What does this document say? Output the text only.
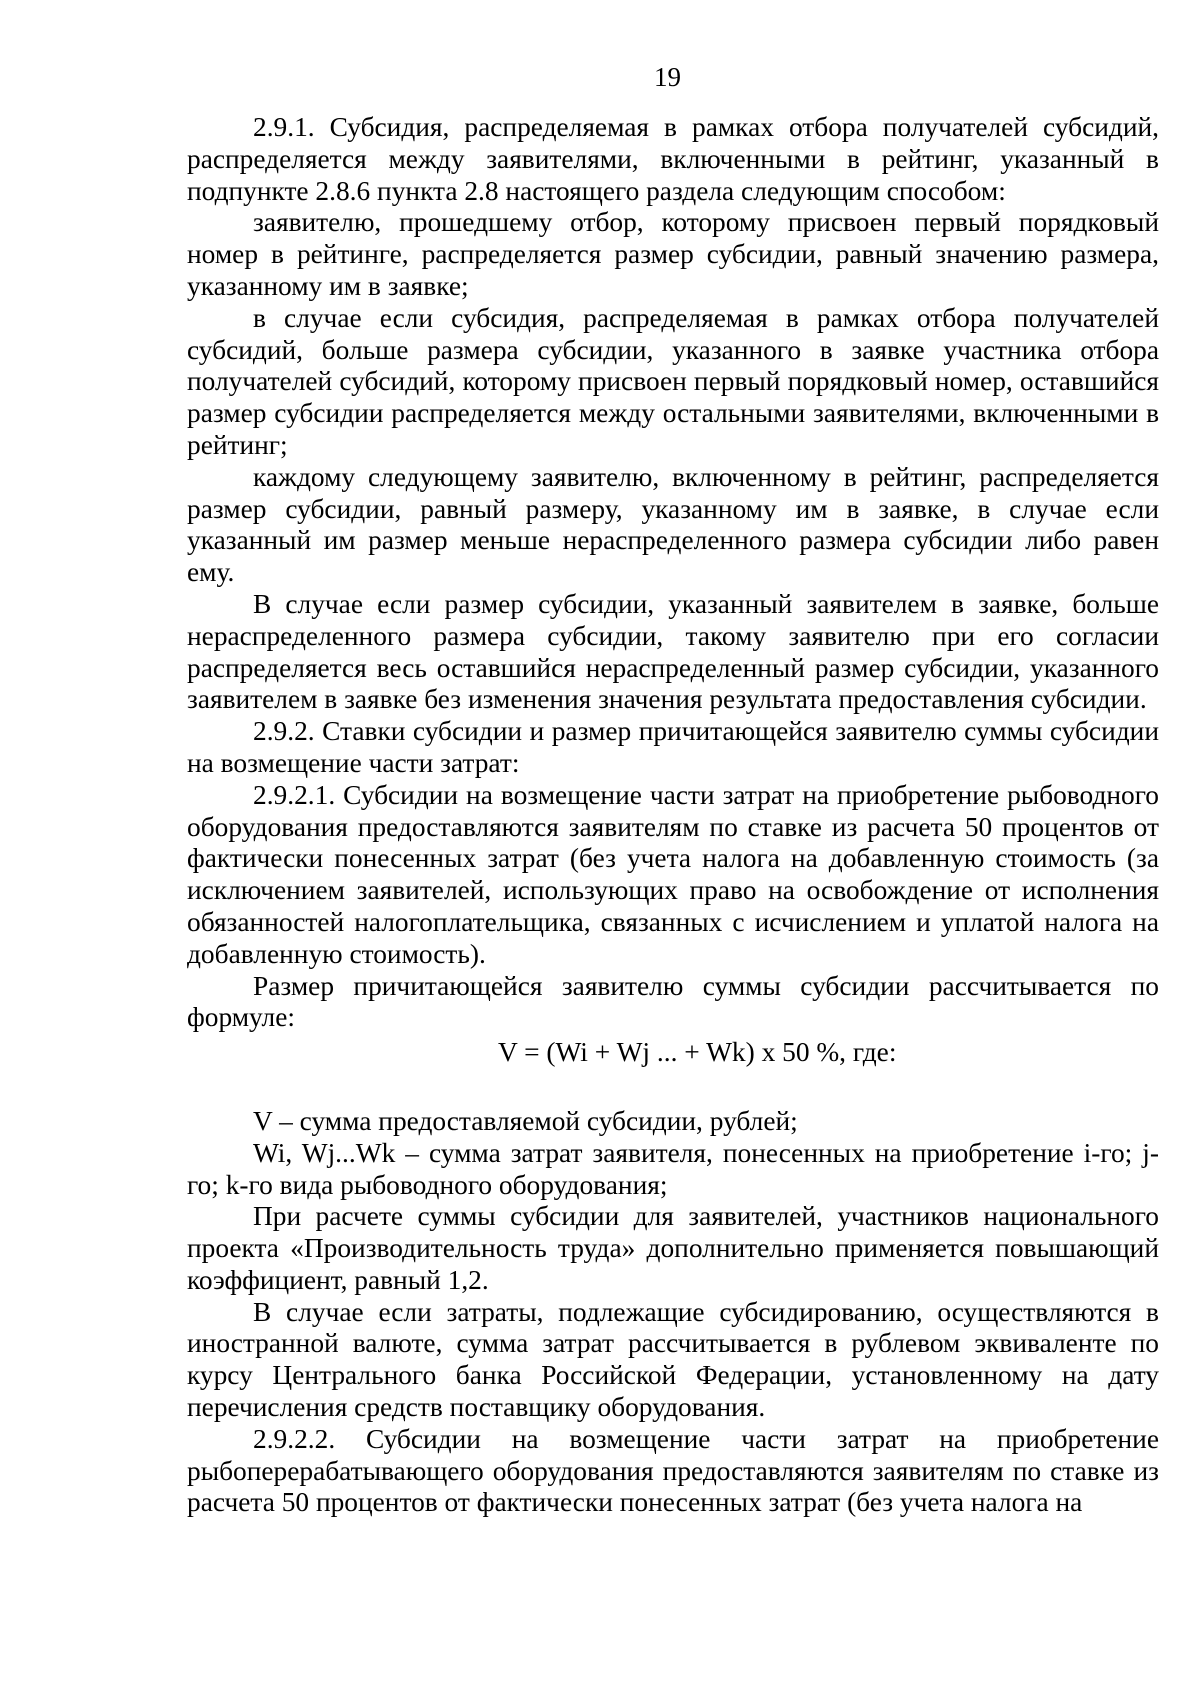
19

2.9.1. Субсидия, распределяемая в рамках отбора получателей субсидий, распределяется между заявителями, включенными в рейтинг, указанный в подпункте 2.8.6 пункта 2.8 настоящего раздела следующим способом:

заявителю, прошедшему отбор, которому присвоен первый порядковый номер в рейтинге, распределяется размер субсидии, равный значению размера, указанному им в заявке;

в случае если субсидия, распределяемая в рамках отбора получателей субсидий, больше размера субсидии, указанного в заявке участника отбора получателей субсидий, которому присвоен первый порядковый номер, оставшийся размер субсидии распределяется между остальными заявителями, включенными в рейтинг;

каждому следующему заявителю, включенному в рейтинг, распределяется размер субсидии, равный размеру, указанному им в заявке, в случае если указанный им размер меньше нераспределенного размера субсидии либо равен ему.

В случае если размер субсидии, указанный заявителем в заявке, больше нераспределенного размера субсидии, такому заявителю при его согласии распределяется весь оставшийся нераспределенный размер субсидии, указанного заявителем в заявке без изменения значения результата предоставления субсидии.

2.9.2. Ставки субсидии и размер причитающейся заявителю суммы субсидии на возмещение части затрат:

2.9.2.1. Субсидии на возмещение части затрат на приобретение рыбоводного оборудования предоставляются заявителям по ставке из расчета 50 процентов от фактически понесенных затрат (без учета налога на добавленную стоимость (за исключением заявителей, использующих право на освобождение от исполнения обязанностей налогоплательщика, связанных с исчислением и уплатой налога на добавленную стоимость).

Размер причитающейся заявителю суммы субсидии рассчитывается по формуле:

V = (Wi + Wj ... + Wk) x 50 %, где:

V – сумма предоставляемой субсидии, рублей;

Wi, Wj...Wk – сумма затрат заявителя, понесенных на приобретение i-го; j-го; k-го вида рыбоводного оборудования;

При расчете суммы субсидии для заявителей, участников национального проекта «Производительность труда» дополнительно применяется повышающий коэффициент, равный 1,2.

В случае если затраты, подлежащие субсидированию, осуществляются в иностранной валюте, сумма затрат рассчитывается в рублевом эквиваленте по курсу Центрального банка Российской Федерации, установленному на дату перечисления средств поставщику оборудования.

2.9.2.2. Субсидии на возмещение части затрат на приобретение рыбоперерабатывающего оборудования предоставляются заявителям по ставке из расчета 50 процентов от фактически понесенных затрат (без учета налога на
